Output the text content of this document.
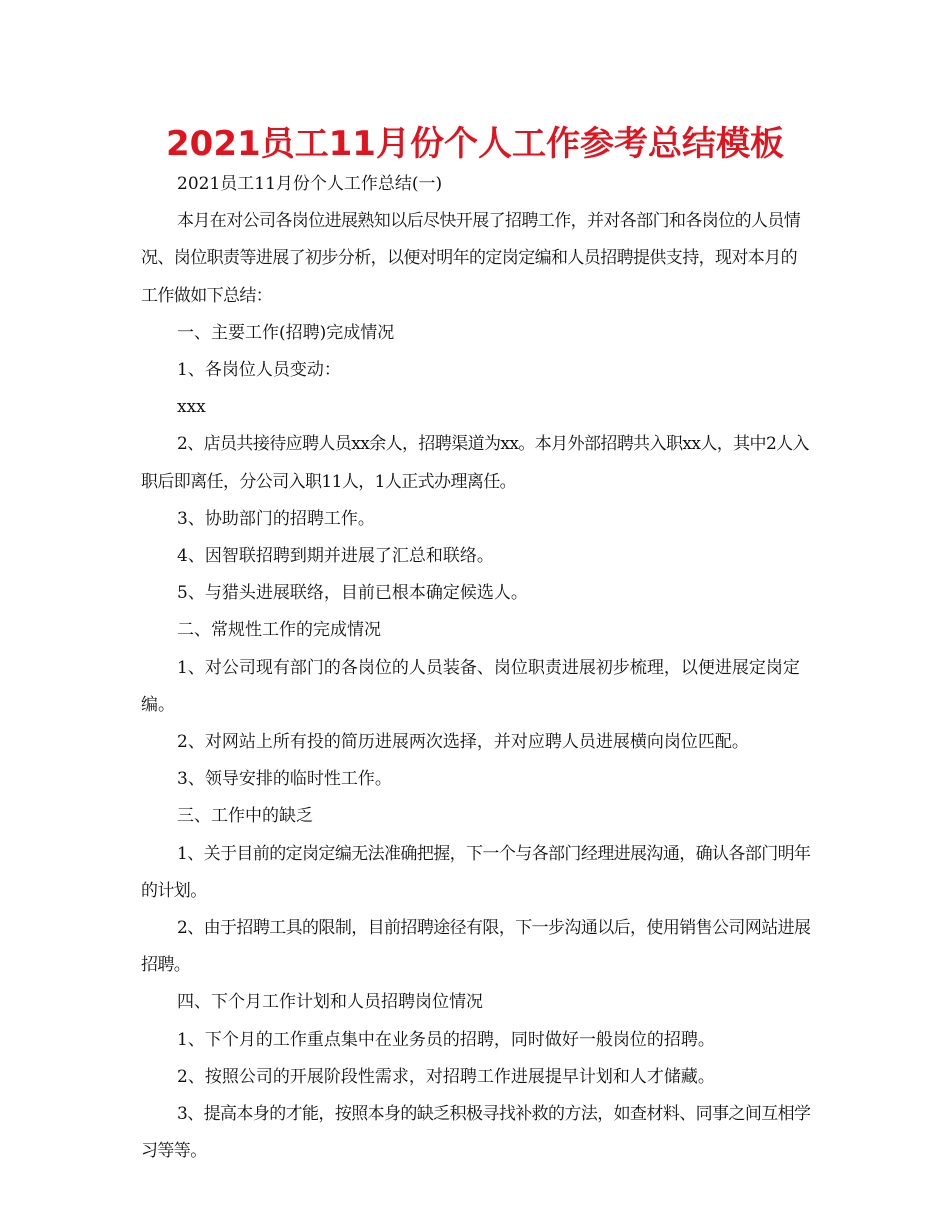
2021员工11月份个人工作参考总结模板

2021员工11月份个人工作总结(一)

本月在对公司各岗位进展熟知以后尽快开展了招聘工作，并对各部门和各岗位的人员情况、岗位职责等进展了初步分析，以便对明年的定岗定编和人员招聘提供支持，现对本月的工作做如下总结：

一、主要工作(招聘)完成情况

1、各岗位人员变动：

xxx

2、店员共接待应聘人员xx余人，招聘渠道为xx。本月外部招聘共入职xx人，其中2人入职后即离任，分公司入职11人，1人正式办理离任。

3、协助部门的招聘工作。

4、因智联招聘到期并进展了汇总和联络。

5、与猎头进展联络，目前已根本确定候选人。

二、常规性工作的完成情况

1、对公司现有部门的各岗位的人员装备、岗位职责进展初步梳理，以便进展定岗定编。

2、对网站上所有投的简历进展两次选择，并对应聘人员进展横向岗位匹配。

3、领导安排的临时性工作。

三、工作中的缺乏

1、关于目前的定岗定编无法准确把握，下一个与各部门经理进展沟通，确认各部门明年的计划。

2、由于招聘工具的限制，目前招聘途径有限，下一步沟通以后，使用销售公司网站进展招聘。

四、下个月工作计划和人员招聘岗位情况

1、下个月的工作重点集中在业务员的招聘，同时做好一般岗位的招聘。

2、按照公司的开展阶段性需求，对招聘工作进展提早计划和人才储藏。

3、提高本身的才能，按照本身的缺乏积极寻找补救的方法，如查材料、同事之间互相学习等等。
